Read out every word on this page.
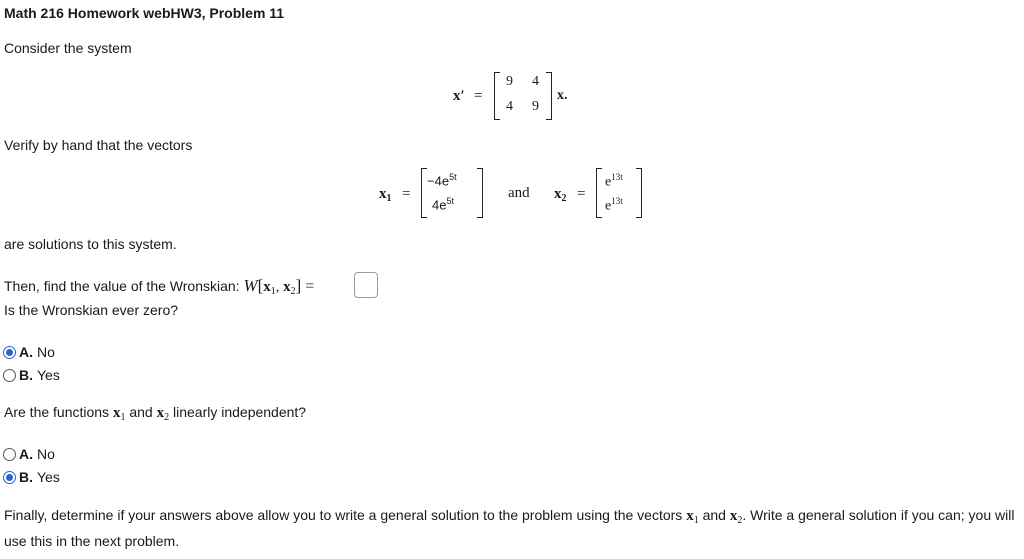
Math 216 Homework webHW3, Problem 11
Consider the system
x′ =
9 4
4 9
x.
Verify by hand that the vectors
$x_1$ =
$-4e^{5t}$
$4e^{5t}$	and $x_2$ =
$e^{13t}$
$e^{13t}$
are solutions to this system.
Then, find the value of the Wronskian: $W[x_1$, $x_2$] =
Is the Wronskian ever zero?
A. No
B. Yes
Are the functions $x_1$ and $x_2$ linearly independent?
A. No
B. Yes
Finally, determine if your answers above allow you to write a general solution to the problem using the vectors $x_1$ and $x_2$. Write a general solution if you can; you will use this in the next problem.
